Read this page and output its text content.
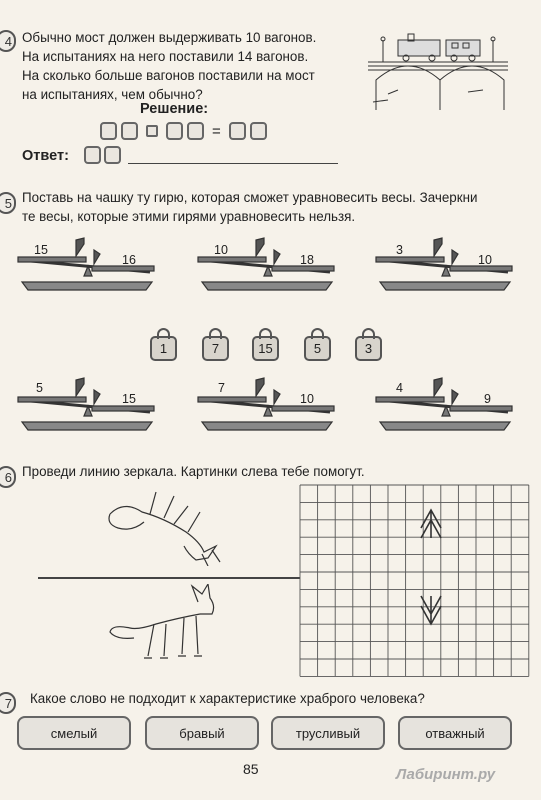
4 Обычно мост должен выдерживать 10 вагонов.
На испытаниях на него поставили 14 вагонов.
На сколько больше вагонов поставили на мост
на испытаниях, чем обычно?
Решение:
=
Ответ:
5 Поставь на чашку ту гирю, которая сможет уравновесить весы. Зачеркни
те весы, которые этими гирями уравновесить нельзя.
15
16
10
18
3
10
1	7	15	5	3
5
15
7
10
4
9
6 Проведи линию зеркала. Картинки слева тебе помогут.
7 Какое слово не подходит к характеристике храброго человека?
смелый	бравый	трусливый	отважный
85	Лабиринт.ру
